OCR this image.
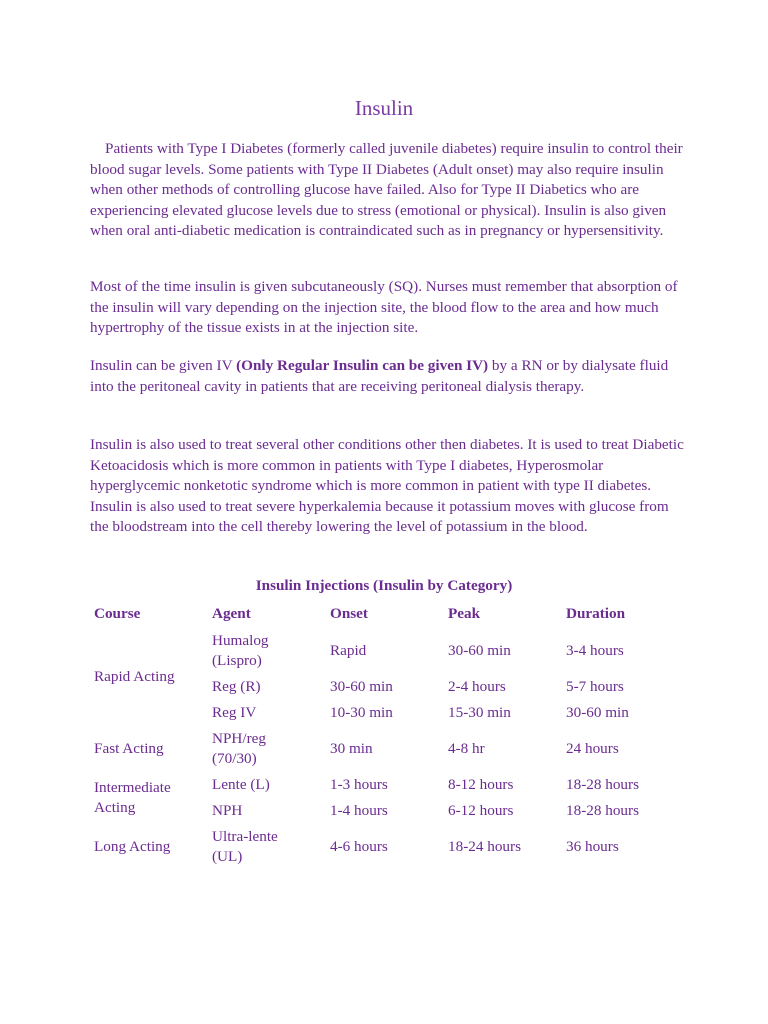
Insulin

Patients with Type I Diabetes (formerly called juvenile diabetes) require insulin to control their blood sugar levels. Some patients with Type II Diabetes (Adult onset) may also require insulin when other methods of controlling glucose have failed. Also for Type II Diabetics who are experiencing elevated glucose levels due to stress (emotional or physical). Insulin is also given when oral anti-diabetic medication is contraindicated such as in pregnancy or hypersensitivity.

Most of the time insulin is given subcutaneously (SQ). Nurses must remember that absorption of the insulin will vary depending on the injection site, the blood flow to the area and how much hypertrophy of the tissue exists in at the injection site.

Insulin can be given IV (Only Regular Insulin can be given IV) by a RN or by dialysate fluid into the peritoneal cavity in patients that are receiving peritoneal dialysis therapy.

Insulin is also used to treat several other conditions other then diabetes. It is used to treat Diabetic Ketoacidosis which is more common in patients with Type I diabetes, Hyperosmolar hyperglycemic nonketotic syndrome which is more common in patient with type II diabetes. Insulin is also used to treat severe hyperkalemia because it potassium moves with glucose from the bloodstream into the cell thereby lowering the level of potassium in the blood.

Insulin Injections (Insulin by Category)
Course	Agent	Onset	Peak	Duration
Rapid Acting	Humalog (Lispro)	Rapid	30-60 min	3-4 hours
	Reg (R)	30-60 min	2-4 hours	5-7 hours
	Reg IV	10-30 min	15-30 min	30-60 min
Fast Acting	NPH/reg (70/30)	30 min	4-8 hr	24 hours
Intermediate Acting	Lente (L)	1-3 hours	8-12 hours	18-28 hours
	NPH	1-4 hours	6-12 hours	18-28 hours
Long Acting	Ultra-lente (UL)	4-6 hours	18-24 hours	36 hours
